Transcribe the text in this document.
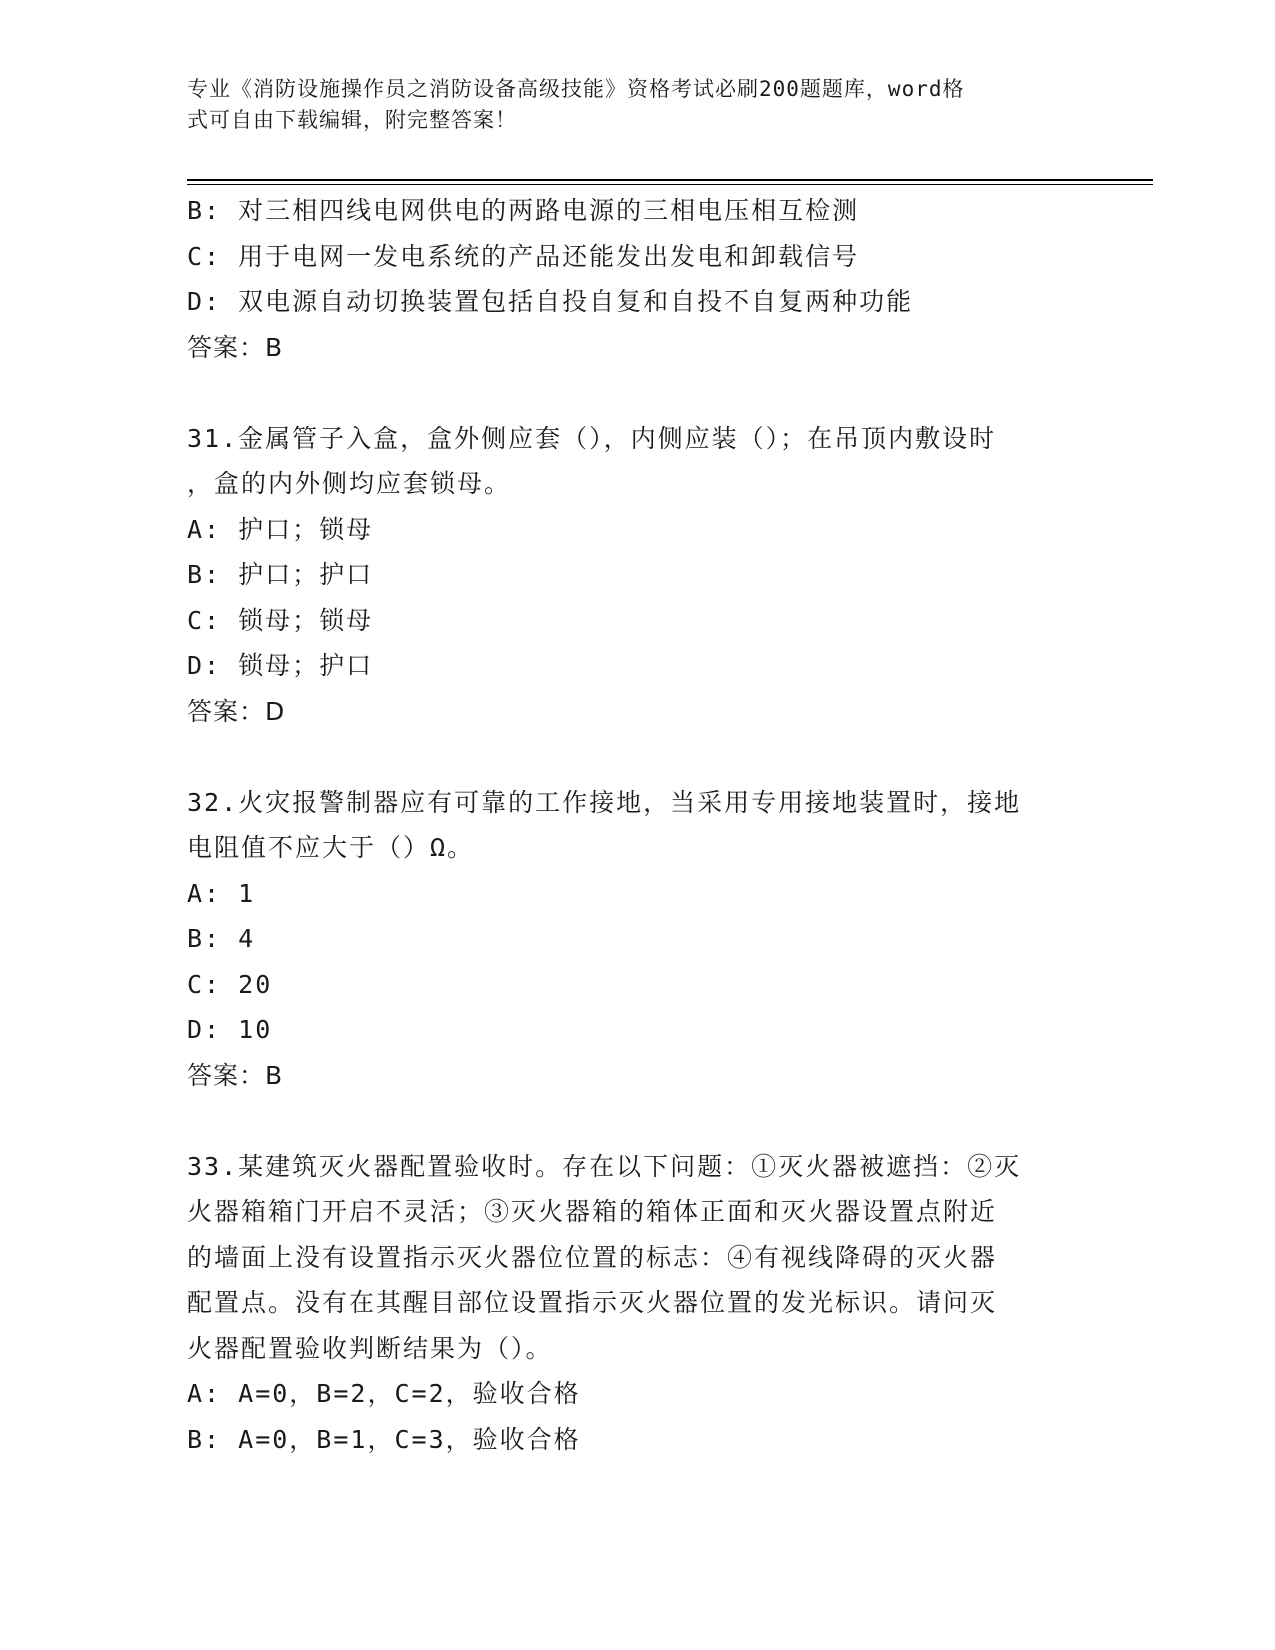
专业《消防设施操作员之消防设备高级技能》资格考试必刷200题题库，word格
式可自由下载编辑，附完整答案！
B: 对三相四线电网供电的两路电源的三相电压相互检测
C: 用于电网一发电系统的产品还能发出发电和卸载信号
D: 双电源自动切换装置包括自投自复和自投不自复两种功能
答案：B
31.金属管子入盒，盒外侧应套（），内侧应装（）；在吊顶内敷设时
，盒的内外侧均应套锁母。
A: 护口；锁母
B: 护口；护口
C: 锁母；锁母
D: 锁母；护口
答案：D
32.火灾报警制器应有可靠的工作接地，当采用专用接地装置时，接地
电阻值不应大于（）Ω。
A: 1
B: 4
C: 20
D: 10
答案：B
33.某建筑灭火器配置验收时。存在以下问题：①灭火器被遮挡：②灭
火器箱箱门开启不灵活；③灭火器箱的箱体正面和灭火器设置点附近
的墙面上没有设置指示灭火器位位置的标志：④有视线降碍的灭火器
配置点。没有在其醒目部位设置指示灭火器位置的发光标识。请问灭
火器配置验收判断结果为（）。
A: A=0，B=2，C=2，验收合格
B: A=0，B=1，C=3，验收合格
